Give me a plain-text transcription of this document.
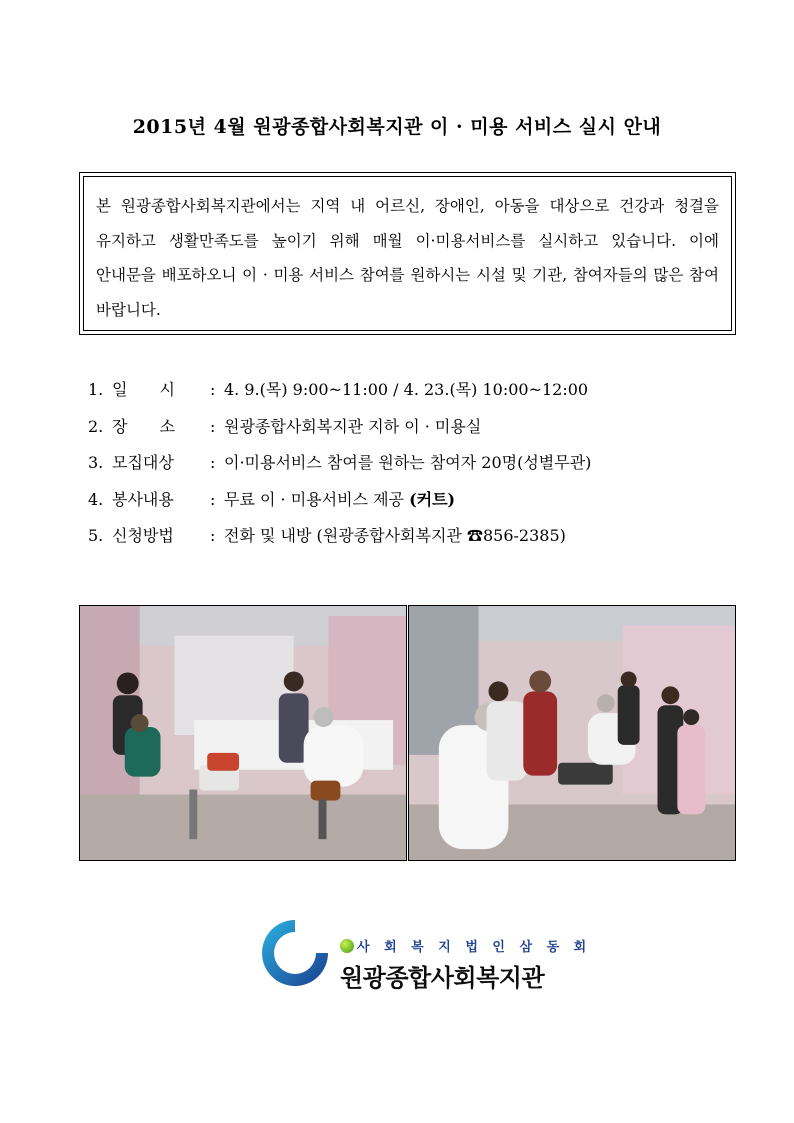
2015년 4월 원광종합사회복지관 이 · 미용 서비스 실시 안내
본 원광종합사회복지관에서는 지역 내 어르신, 장애인, 아동을 대상으로 건강과 청결을 유지하고 생활만족도를 높이기 위해 매월 이·미용서비스를 실시하고 있습니다. 이에 안내문을 배포하오니 이 · 미용 서비스 참여를 원하시는 시설 및 기관, 참여자들의 많은 참여 바랍니다.
1. 일　　시 : 4. 9.(목) 9:00~11:00 / 4. 23.(목) 10:00~12:00
2. 장　　소 : 원광종합사회복지관 지하 이 · 미용실
3. 모집대상 : 이·미용서비스 참여를 원하는 참여자 20명(성별무관)
4. 봉사내용 : 무료 이 · 미용서비스 제공 (커트)
5. 신청방법 : 전화 및 내방 (원광종합사회복지관 ☎856-2385)
사 회 복 지 법 인 삼 동 회
원광종합사회복지관
